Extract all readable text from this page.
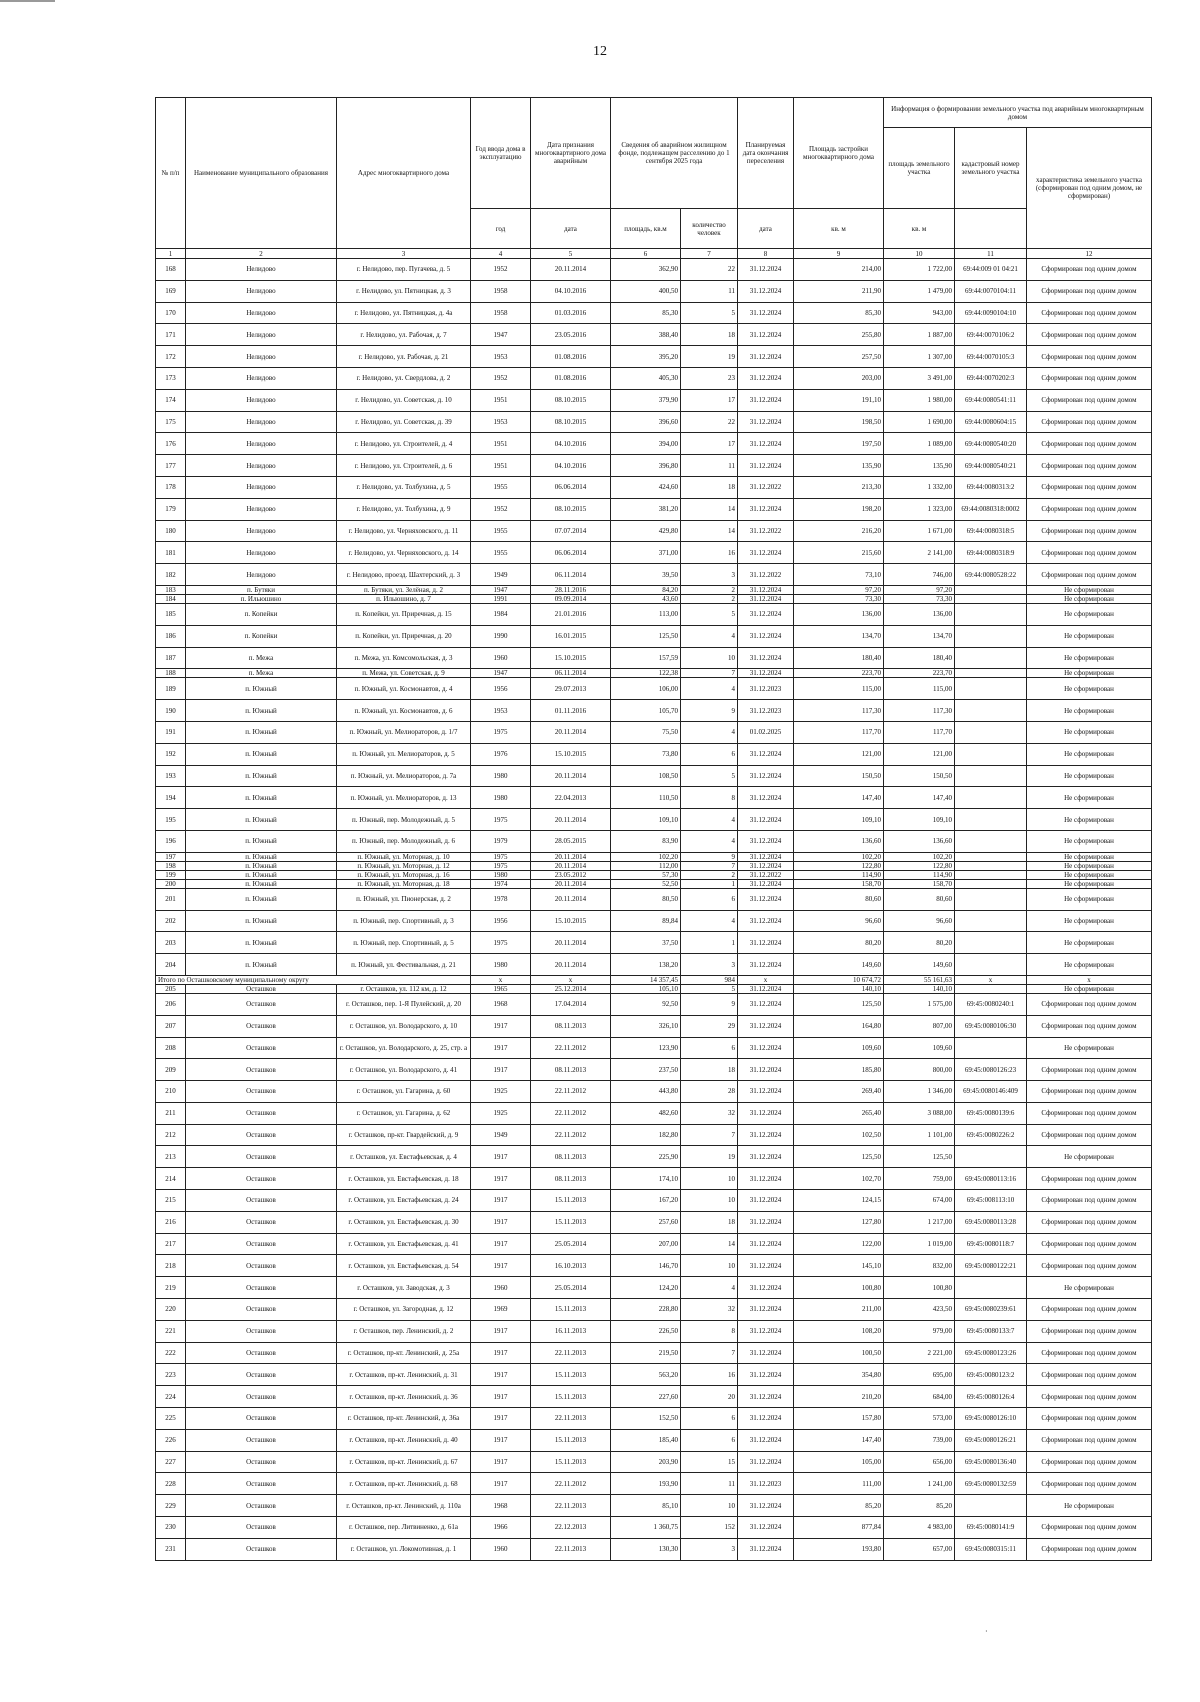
12
№ п/п	Наименование муниципального образования	Адрес многоквартирного дома	Год ввода дома в эксплуатацию	Дата признания многоквартирного дома аварийным	Сведения об аварийном жилищном фонде, подлежащем расселению до 1 сентября 2025 года		Планируемая дата окончания переселения	Площадь застройки многоквартирного дома	Информация о формировании земельного участка под аварийным многоквартирным домом		
									площадь земельного участка	кадастровый номер земельного участка	характеристика земельного участка (сформирован под одним домом, не сформирован)
			год	дата	площадь, кв.м	количество человек	дата	кв. м	кв. м		
1	2	3	4	5	6	7	8	9	10	11	12
168	Нелидово	г. Нелидово, пер. Пугачева, д. 5	1952	20.11.2014	362,90	22	31.12.2024	214,00	1 722,00	69:44:009 01 04:21	Сформирован под одним домом
169	Нелидово	г. Нелидово, ул. Пятницкая, д. 3	1958	04.10.2016	400,50	11	31.12.2024	211,90	1 479,00	69:44:0070104:11	Сформирован под одним домом
170	Нелидово	г. Нелидово, ул. Пятницкая, д. 4а	1958	01.03.2016	85,30	5	31.12.2024	85,30	943,00	69:44:0090104:10	Сформирован под одним домом
171	Нелидово	г. Нелидово, ул. Рабочая, д. 7	1947	23.05.2016	388,40	18	31.12.2024	255,80	1 887,00	69:44:0070106:2	Сформирован под одним домом
172	Нелидово	г. Нелидово, ул. Рабочая, д. 21	1953	01.08.2016	395,20	19	31.12.2024	257,50	1 307,00	69:44:0070105:3	Сформирован под одним домом
173	Нелидово	г. Нелидово, ул. Свердлова, д. 2	1952	01.08.2016	405,30	23	31.12.2024	203,00	3 491,00	69:44:0070202:3	Сформирован под одним домом
174	Нелидово	г. Нелидово, ул. Советская, д. 10	1951	08.10.2015	379,90	17	31.12.2024	191,10	1 980,00	69:44:0080541:11	Сформирован под одним домом
175	Нелидово	г. Нелидово, ул. Советская, д. 39	1953	08.10.2015	396,60	22	31.12.2024	198,50	1 690,00	69:44:0080604:15	Сформирован под одним домом
176	Нелидово	г. Нелидово, ул. Строителей, д. 4	1951	04.10.2016	394,00	17	31.12.2024	197,50	1 089,00	69:44:0080540:20	Сформирован под одним домом
177	Нелидово	г. Нелидово, ул. Строителей, д. 6	1951	04.10.2016	396,80	11	31.12.2024	135,90	135,90	69:44:0080540:21	Сформирован под одним домом
178	Нелидово	г. Нелидово, ул. Толбухина, д. 5	1955	06.06.2014	424,60	18	31.12.2022	213,30	1 332,00	69:44:0080313:2	Сформирован под одним домом
179	Нелидово	г. Нелидово, ул. Толбухина, д. 9	1952	08.10.2015	381,20	14	31.12.2024	198,20	1 323,00	69:44:0080318:0002	Сформирован под одним домом
180	Нелидово	г. Нелидово, ул. Черняховского, д. 11	1955	07.07.2014	429,80	14	31.12.2022	216,20	1 671,00	69:44:0080318:5	Сформирован под одним домом
181	Нелидово	г. Нелидово, ул. Черняховского, д. 14	1955	06.06.2014	371,00	16	31.12.2024	215,60	2 141,00	69:44:0080318:9	Сформирован под одним домом
182	Нелидово	г. Нелидово, проезд. Шахтерский, д. 3	1949	06.11.2014	39,50	3	31.12.2022	73,10	746,00	69:44:0080528:22	Сформирован под одним домом
183	п. Бутяки	п. Бутяки, ул. Зелёная, д. 2	1947	28.11.2016	84,20	2	31.12.2024	97,20	97,20		Не сформирован
184	п. Ильюшино	п. Ильюшино, д. 7	1991	09.09.2014	43,60	2	31.12.2024	73,30	73,30		Не сформирован
185	п. Копейки	п. Копейки, ул. Приречная, д. 15	1984	21.01.2016	113,00	5	31.12.2024	136,00	136,00		Не сформирован
186	п. Копейки	п. Копейки, ул. Приречная, д. 20	1990	16.01.2015	125,50	4	31.12.2024	134,70	134,70		Не сформирован
187	п. Межа	п. Межа, ул. Комсомольская, д. 3	1960	15.10.2015	157,59	10	31.12.2024	180,40	180,40		Не сформирован
188	п. Межа	п. Межа, ул. Советская, д. 9	1947	06.11.2014	122,38	7	31.12.2024	223,70	223,70		Не сформирован
189	п. Южный	п. Южный, ул. Космонавтов, д. 4	1956	29.07.2013	106,00	4	31.12.2023	115,00	115,00		Не сформирован
190	п. Южный	п. Южный, ул. Космонавтов, д. 6	1953	01.11.2016	105,70	9	31.12.2023	117,30	117,30		Не сформирован
191	п. Южный	п. Южный, ул. Мелиораторов, д. 1/7	1975	20.11.2014	75,50	4	01.02.2025	117,70	117,70		Не сформирован
192	п. Южный	п. Южный, ул. Мелиораторов, д. 5	1976	15.10.2015	73,80	6	31.12.2024	121,00	121,00		Не сформирован
193	п. Южный	п. Южный, ул. Мелиораторов, д. 7а	1980	20.11.2014	108,50	5	31.12.2024	150,50	150,50		Не сформирован
194	п. Южный	п. Южный, ул. Мелиораторов, д. 13	1980	22.04.2013	110,50	8	31.12.2024	147,40	147,40		Не сформирован
195	п. Южный	п. Южный, пер. Молодежный, д. 5	1975	20.11.2014	109,10	4	31.12.2024	109,10	109,10		Не сформирован
196	п. Южный	п. Южный, пер. Молодежный, д. 6	1979	28.05.2015	83,90	4	31.12.2024	136,60	136,60		Не сформирован
197	п. Южный	п. Южный, ул. Моторная, д. 10	1975	20.11.2014	102,20	9	31.12.2024	102,20	102,20		Не сформирован
198	п. Южный	п. Южный, ул. Моторная, д. 12	1975	20.11.2014	112,00	7	31.12.2024	122,80	122,80		Не сформирован
199	п. Южный	п. Южный, ул. Моторная, д. 16	1980	23.05.2012	57,30	2	31.12.2022	114,90	114,90		Не сформирован
200	п. Южный	п. Южный, ул. Моторная, д. 18	1974	20.11.2014	52,50	1	31.12.2024	158,70	158,70		Не сформирован
201	п. Южный	п. Южный, ул. Пионерская, д. 2	1978	20.11.2014	80,50	6	31.12.2024	80,60	80,60		Не сформирован
202	п. Южный	п. Южный, пер. Спортивный, д. 3	1956	15.10.2015	89,84	4	31.12.2024	96,60	96,60		Не сформирован
203	п. Южный	п. Южный, пер. Спортивный, д. 5	1975	20.11.2014	37,50	1	31.12.2024	80,20	80,20		Не сформирован
204	п. Южный	п. Южный, ул. Фестивальная, д. 21	1980	20.11.2014	138,20	3	31.12.2024	149,60	149,60		Не сформирован
Итого по Осташковскому муниципальному округу			x	x	14 357,45	984	x	10 674,72	55 161,63	x	x
205	Осташков	г. Осташков, ул. 112 км, д. 12	1965	25.12.2014	105,10	5	31.12.2024	140,10	140,10		Не сформирован
206	Осташков	г. Осташков, пер. 1-Я Пулейский, д. 20	1968	17.04.2014	92,50	9	31.12.2024	125,50	1 575,00	69:45:0080240:1	Сформирован под одним домом
207	Осташков	г. Осташков, ул. Володарского, д. 10	1917	08.11.2013	326,10	29	31.12.2024	164,80	807,00	69:45:0080106:30	Сформирован под одним домом
208	Осташков	г. Осташков, ул. Володарского, д. 25, стр. а	1917	22.11.2012	123,90	6	31.12.2024	109,60	109,60		Не сформирован
209	Осташков	г. Осташков, ул. Володарского, д. 41	1917	08.11.2013	237,50	18	31.12.2024	185,80	800,00	69:45:0080126:23	Сформирован под одним домом
210	Осташков	г. Осташков, ул. Гагарина, д. 60	1925	22.11.2012	443,80	28	31.12.2024	269,40	1 346,00	69:45:0080146:409	Сформирован под одним домом
211	Осташков	г. Осташков, ул. Гагарина, д. 62	1925	22.11.2012	482,60	32	31.12.2024	265,40	3 088,00	69:45:0080139:6	Сформирован под одним домом
212	Осташков	г. Осташков, пр-кт. Гвардейский, д. 9	1949	22.11.2012	182,80	7	31.12.2024	102,50	1 101,00	69:45:0080226:2	Сформирован под одним домом
213	Осташков	г. Осташков, ул. Евстафьевская, д. 4	1917	08.11.2013	225,90	19	31.12.2024	125,50	125,50		Не сформирован
214	Осташков	г. Осташков, ул. Евстафьевская, д. 18	1917	08.11.2013	174,10	10	31.12.2024	102,70	759,00	69:45:0080113:16	Сформирован под одним домом
215	Осташков	г. Осташков, ул. Евстафьевская, д. 24	1917	15.11.2013	167,20	10	31.12.2024	124,15	674,00	69:45:008113:10	Сформирован под одним домом
216	Осташков	г. Осташков, ул. Евстафьевская, д. 30	1917	15.11.2013	257,60	18	31.12.2024	127,80	1 217,00	69:45:0080113:28	Сформирован под одним домом
217	Осташков	г. Осташков, ул. Евстафьевская, д. 41	1917	25.05.2014	207,00	14	31.12.2024	122,00	1 019,00	69:45:0080118:7	Сформирован под одним домом
218	Осташков	г. Осташков, ул. Евстафьевская, д. 54	1917	16.10.2013	146,70	10	31.12.2024	145,10	832,00	69:45:0080122:21	Сформирован под одним домом
219	Осташков	г. Осташков, ул. Заводская, д. 3	1960	25.05.2014	124,20	4	31.12.2024	100,80	100,80		Не сформирован
220	Осташков	г. Осташков, ул. Загородная, д. 12	1969	15.11.2013	228,80	32	31.12.2024	211,00	423,50	69:45:0080239:61	Сформирован под одним домом
221	Осташков	г. Осташков, пер. Ленинский, д. 2	1917	16.11.2013	226,50	8	31.12.2024	108,20	979,00	69:45:0080133:7	Сформирован под одним домом
222	Осташков	г. Осташков, пр-кт. Ленинский, д. 25а	1917	22.11.2013	219,50	7	31.12.2024	100,50	2 221,00	69:45:0080123:26	Сформирован под одним домом
223	Осташков	г. Осташков, пр-кт. Ленинский, д. 31	1917	15.11.2013	563,20	16	31.12.2024	354,80	695,00	69:45:0080123:2	Сформирован под одним домом
224	Осташков	г. Осташков, пр-кт. Ленинский, д. 36	1917	15.11.2013	227,60	20	31.12.2024	210,20	684,00	69:45:0080126:4	Сформирован под одним домом
225	Осташков	г. Осташков, пр-кт. Ленинский, д. 36а	1917	22.11.2013	152,50	6	31.12.2024	157,80	573,00	69:45:0080126:10	Сформирован под одним домом
226	Осташков	г. Осташков, пр-кт. Ленинский, д. 40	1917	15.11.2013	185,40	6	31.12.2024	147,40	739,00	69:45:0080126:21	Сформирован под одним домом
227	Осташков	г. Осташков, пр-кт. Ленинский, д. 67	1917	15.11.2013	203,90	15	31.12.2024	105,00	656,00	69:45:0080136:40	Сформирован под одним домом
228	Осташков	г. Осташков, пр-кт. Ленинский, д. 68	1917	22.11.2012	193,90	11	31.12.2023	111,00	1 241,00	69:45:0080132:59	Сформирован под одним домом
229	Осташков	г. Осташков, пр-кт. Ленинский, д. 110а	1968	22.11.2013	85,10	10	31.12.2024	85,20	85,20		Не сформирован
230	Осташков	г. Осташков, пер. Литвиненко, д. 61а	1966	22.12.2013	1 360,75	152	31.12.2024	877,84	4 983,00	69:45:0080141:9	Сформирован под одним домом
231	Осташков	г. Осташков, ул. Локомотивная, д. 1	1960	22.11.2013	130,30	3	31.12.2024	193,80	657,00	69:45:0080315:11	Сформирован под одним домом
·
